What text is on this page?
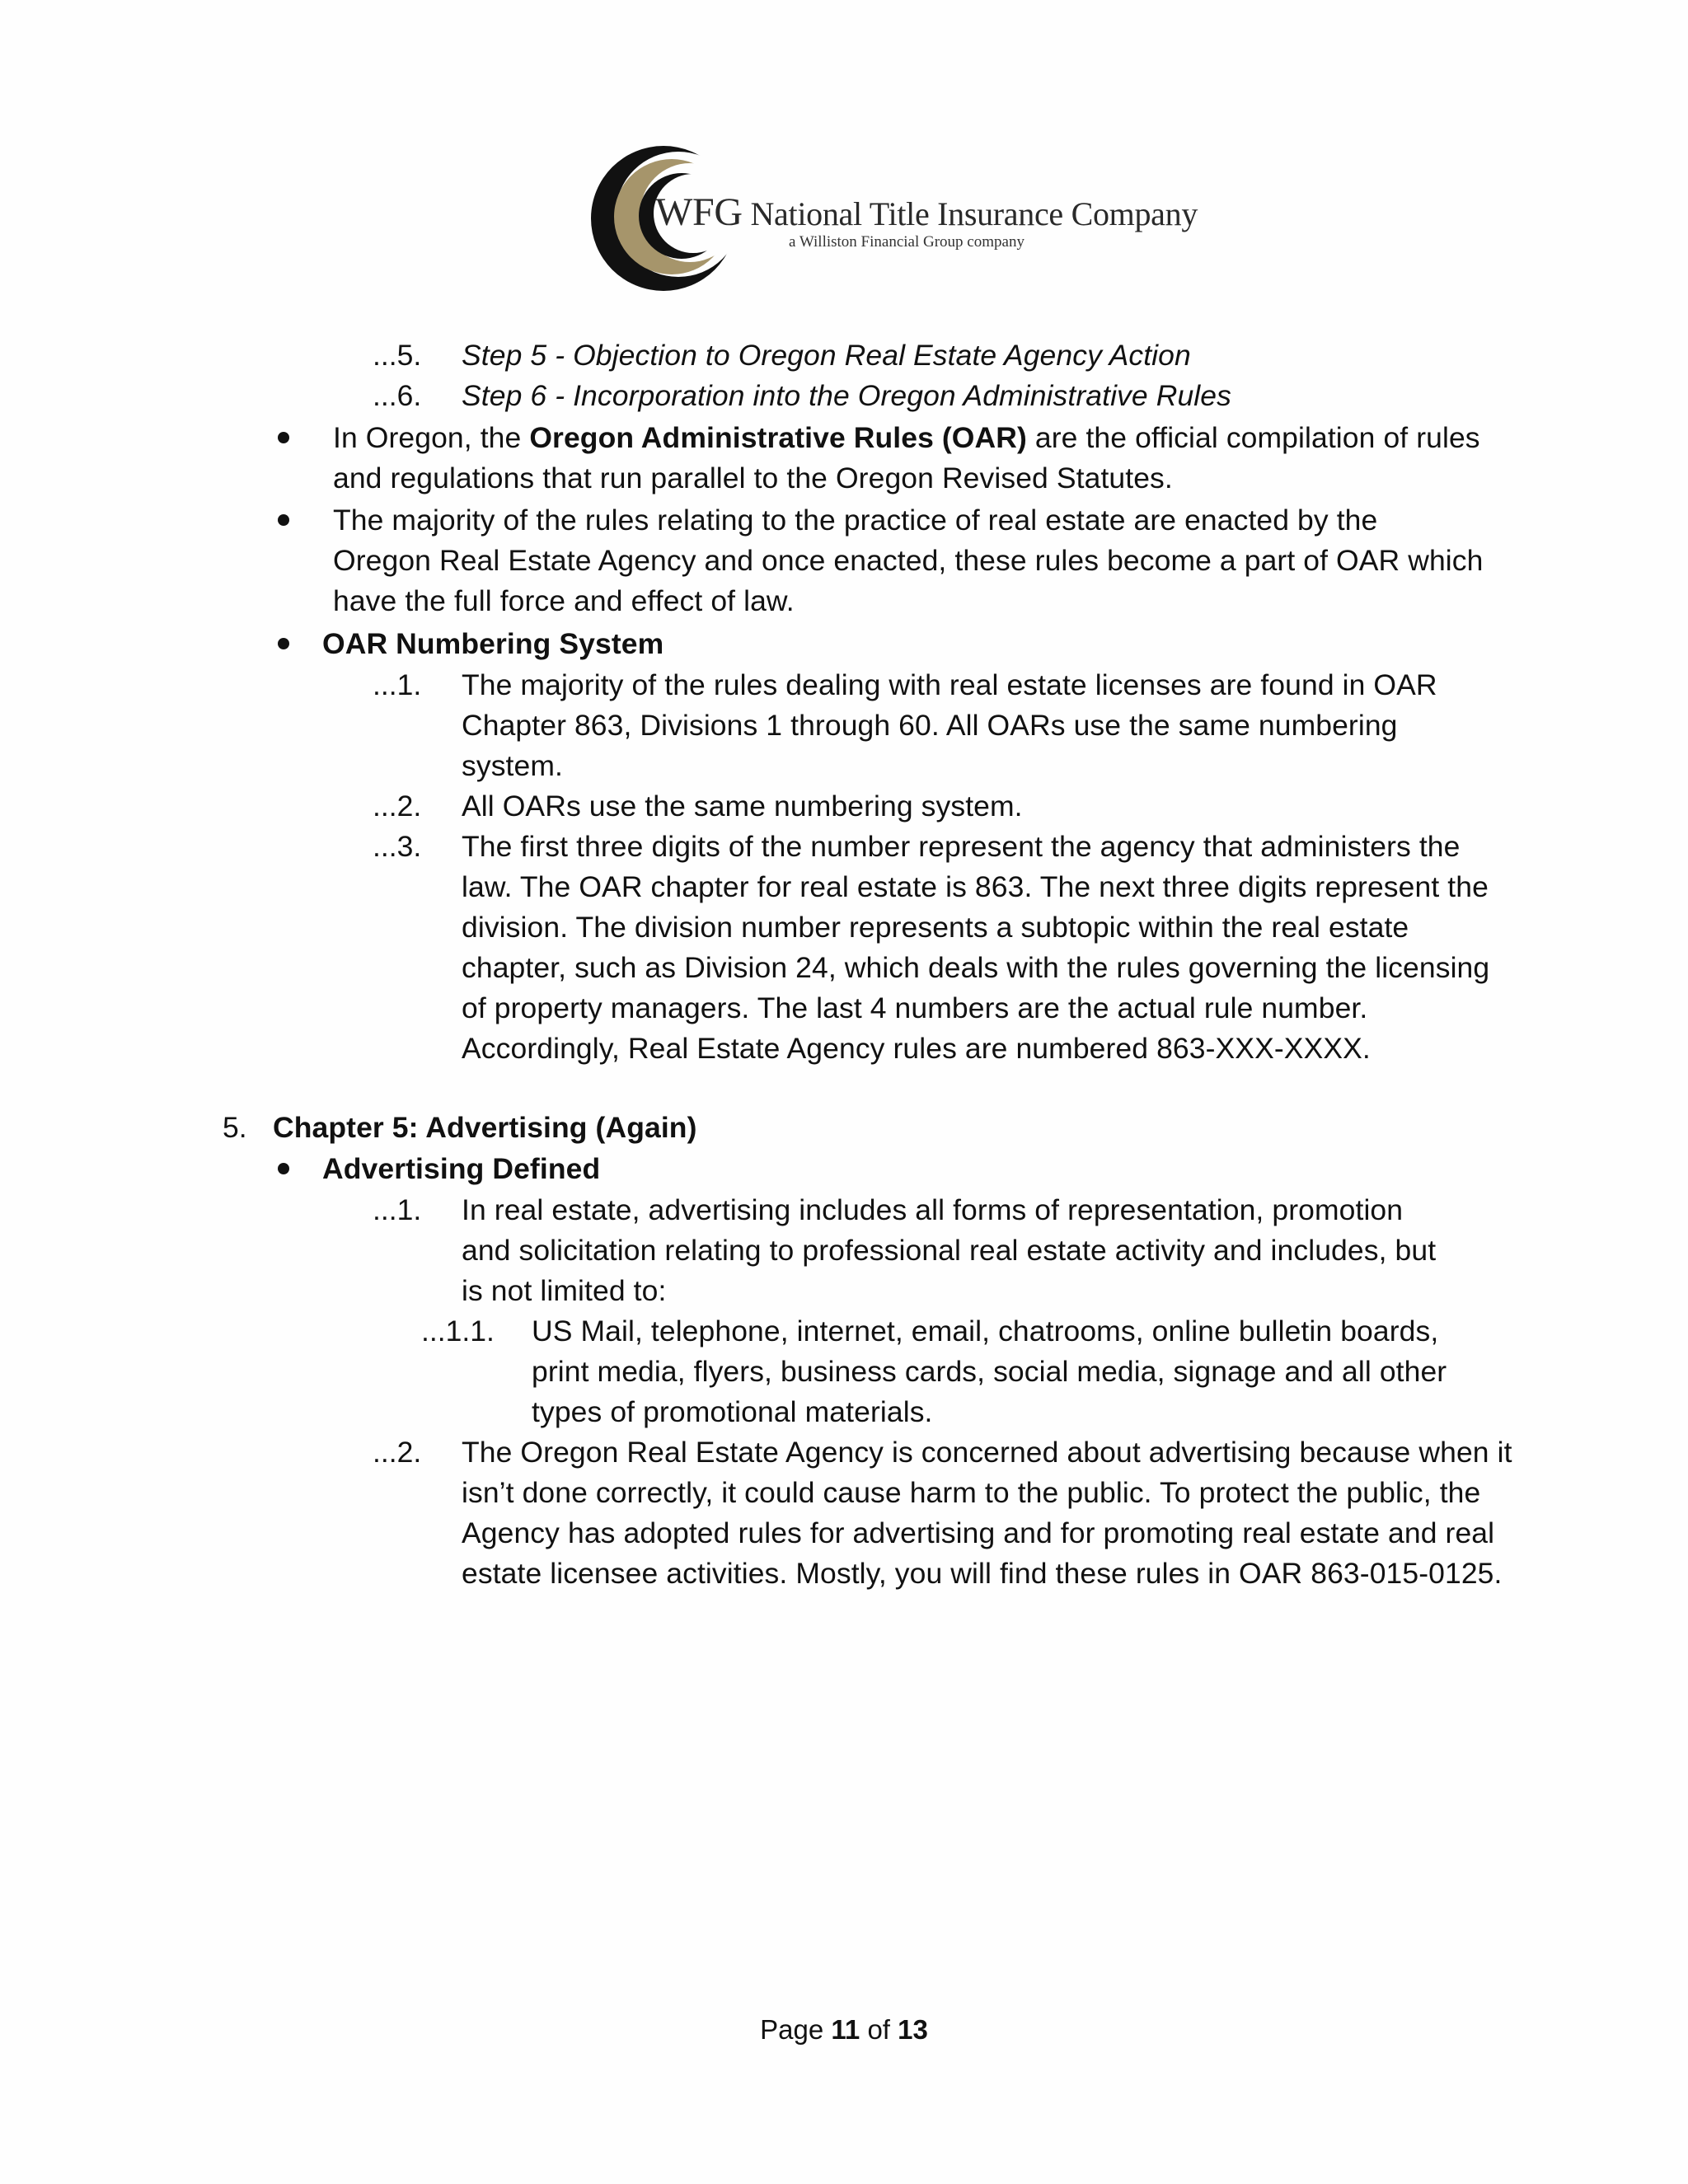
WFG National Title Insurance Company
a Williston Financial Group company
...5. Step 5 - Objection to Oregon Real Estate Agency Action
...6. Step 6 - Incorporation into the Oregon Administrative Rules
In Oregon, the Oregon Administrative Rules (OAR) are the official compilation of rules
and regulations that run parallel to the Oregon Revised Statutes.
The majority of the rules relating to the practice of real estate are enacted by the
Oregon Real Estate Agency and once enacted, these rules become a part of OAR which
have the full force and effect of law.
OAR Numbering System
...1. The majority of the rules dealing with real estate licenses are found in OAR
Chapter 863, Divisions 1 through 60. All OARs use the same numbering
system.
...2. All OARs use the same numbering system.
...3. The first three digits of the number represent the agency that administers the
law. The OAR chapter for real estate is 863. The next three digits represent the
division. The division number represents a subtopic within the real estate
chapter, such as Division 24, which deals with the rules governing the licensing
of property managers. The last 4 numbers are the actual rule number.
Accordingly, Real Estate Agency rules are numbered 863-XXX-XXXX.
5. Chapter 5: Advertising (Again)
Advertising Defined
...1. In real estate, advertising includes all forms of representation, promotion
and solicitation relating to professional real estate activity and includes, but
is not limited to:
...1.1. US Mail, telephone, internet, email, chatrooms, online bulletin boards,
print media, flyers, business cards, social media, signage and all other
types of promotional materials.
...2. The Oregon Real Estate Agency is concerned about advertising because when it
isn’t done correctly, it could cause harm to the public. To protect the public, the
Agency has adopted rules for advertising and for promoting real estate and real
estate licensee activities. Mostly, you will find these rules in OAR 863-015-0125.
Page 11 of 13
